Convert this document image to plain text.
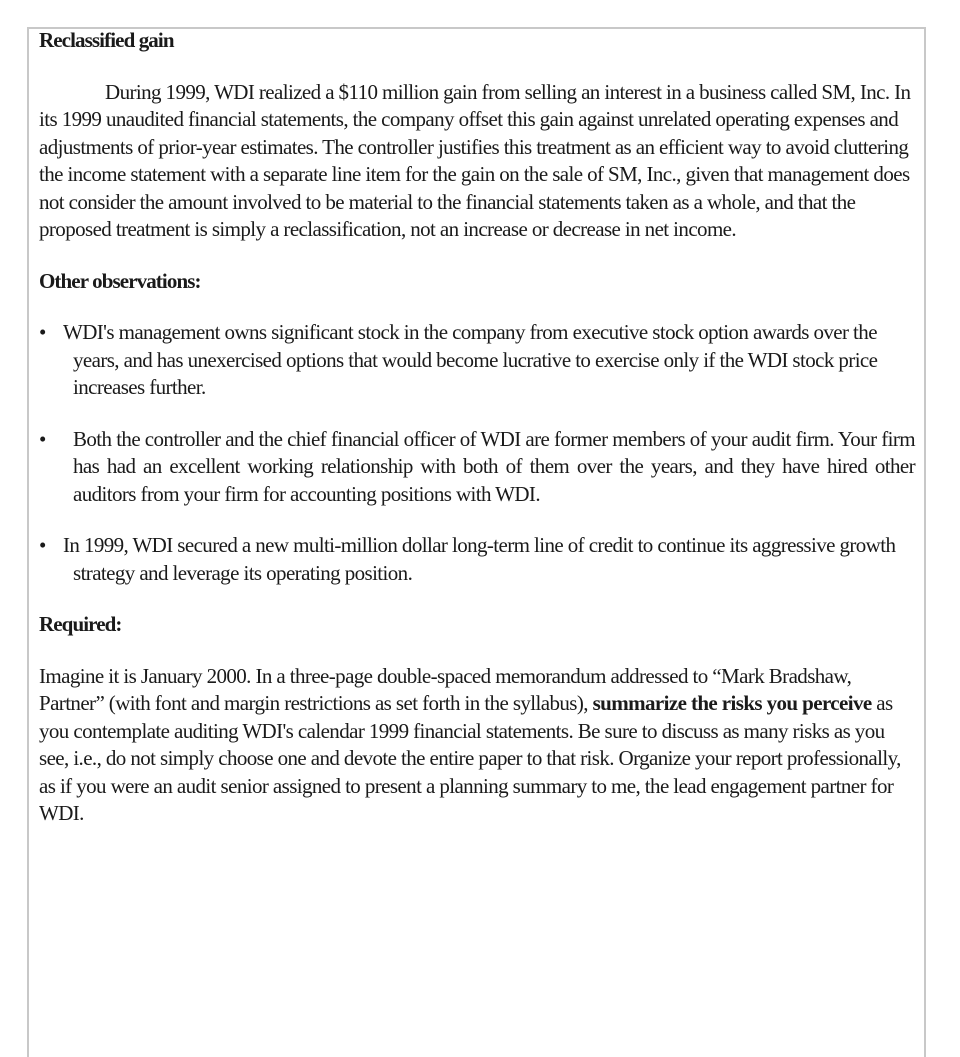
Reclassified gain

During 1999, WDI realized a $110 million gain from selling an interest in a business called SM, Inc. In its 1999 unaudited financial statements, the company offset this gain against unrelated operating expenses and adjustments of prior-year estimates. The controller justifies this treatment as an efficient way to avoid cluttering the income statement with a separate line item for the gain on the sale of SM, Inc., given that management does not consider the amount involved to be material to the financial statements taken as a whole, and that the proposed treatment is simply a reclassification, not an increase or decrease in net income.

Other observations:

• WDI's management owns significant stock in the company from executive stock option awards over the years, and has unexercised options that would become lucrative to exercise only if the WDI stock price increases further.
•	Both the controller and the chief financial officer of WDI are former members of your audit firm. Your firm has had an excellent working relationship with both of them over the years, and they have hired other auditors from your firm for accounting positions with WDI.
• In 1999, WDI secured a new multi-million dollar long-term line of credit to continue its aggressive growth strategy and leverage its operating position.

Required:

Imagine it is January 2000. In a three-page double-spaced memorandum addressed to “Mark Bradshaw, Partner” (with font and margin restrictions as set forth in the syllabus), summarize the risks you perceive as you contemplate auditing WDI's calendar 1999 financial statements. Be sure to discuss as many risks as you see, i.e., do not simply choose one and devote the entire paper to that risk. Organize your report professionally, as if you were an audit senior assigned to present a planning summary to me, the lead engagement partner for WDI.
